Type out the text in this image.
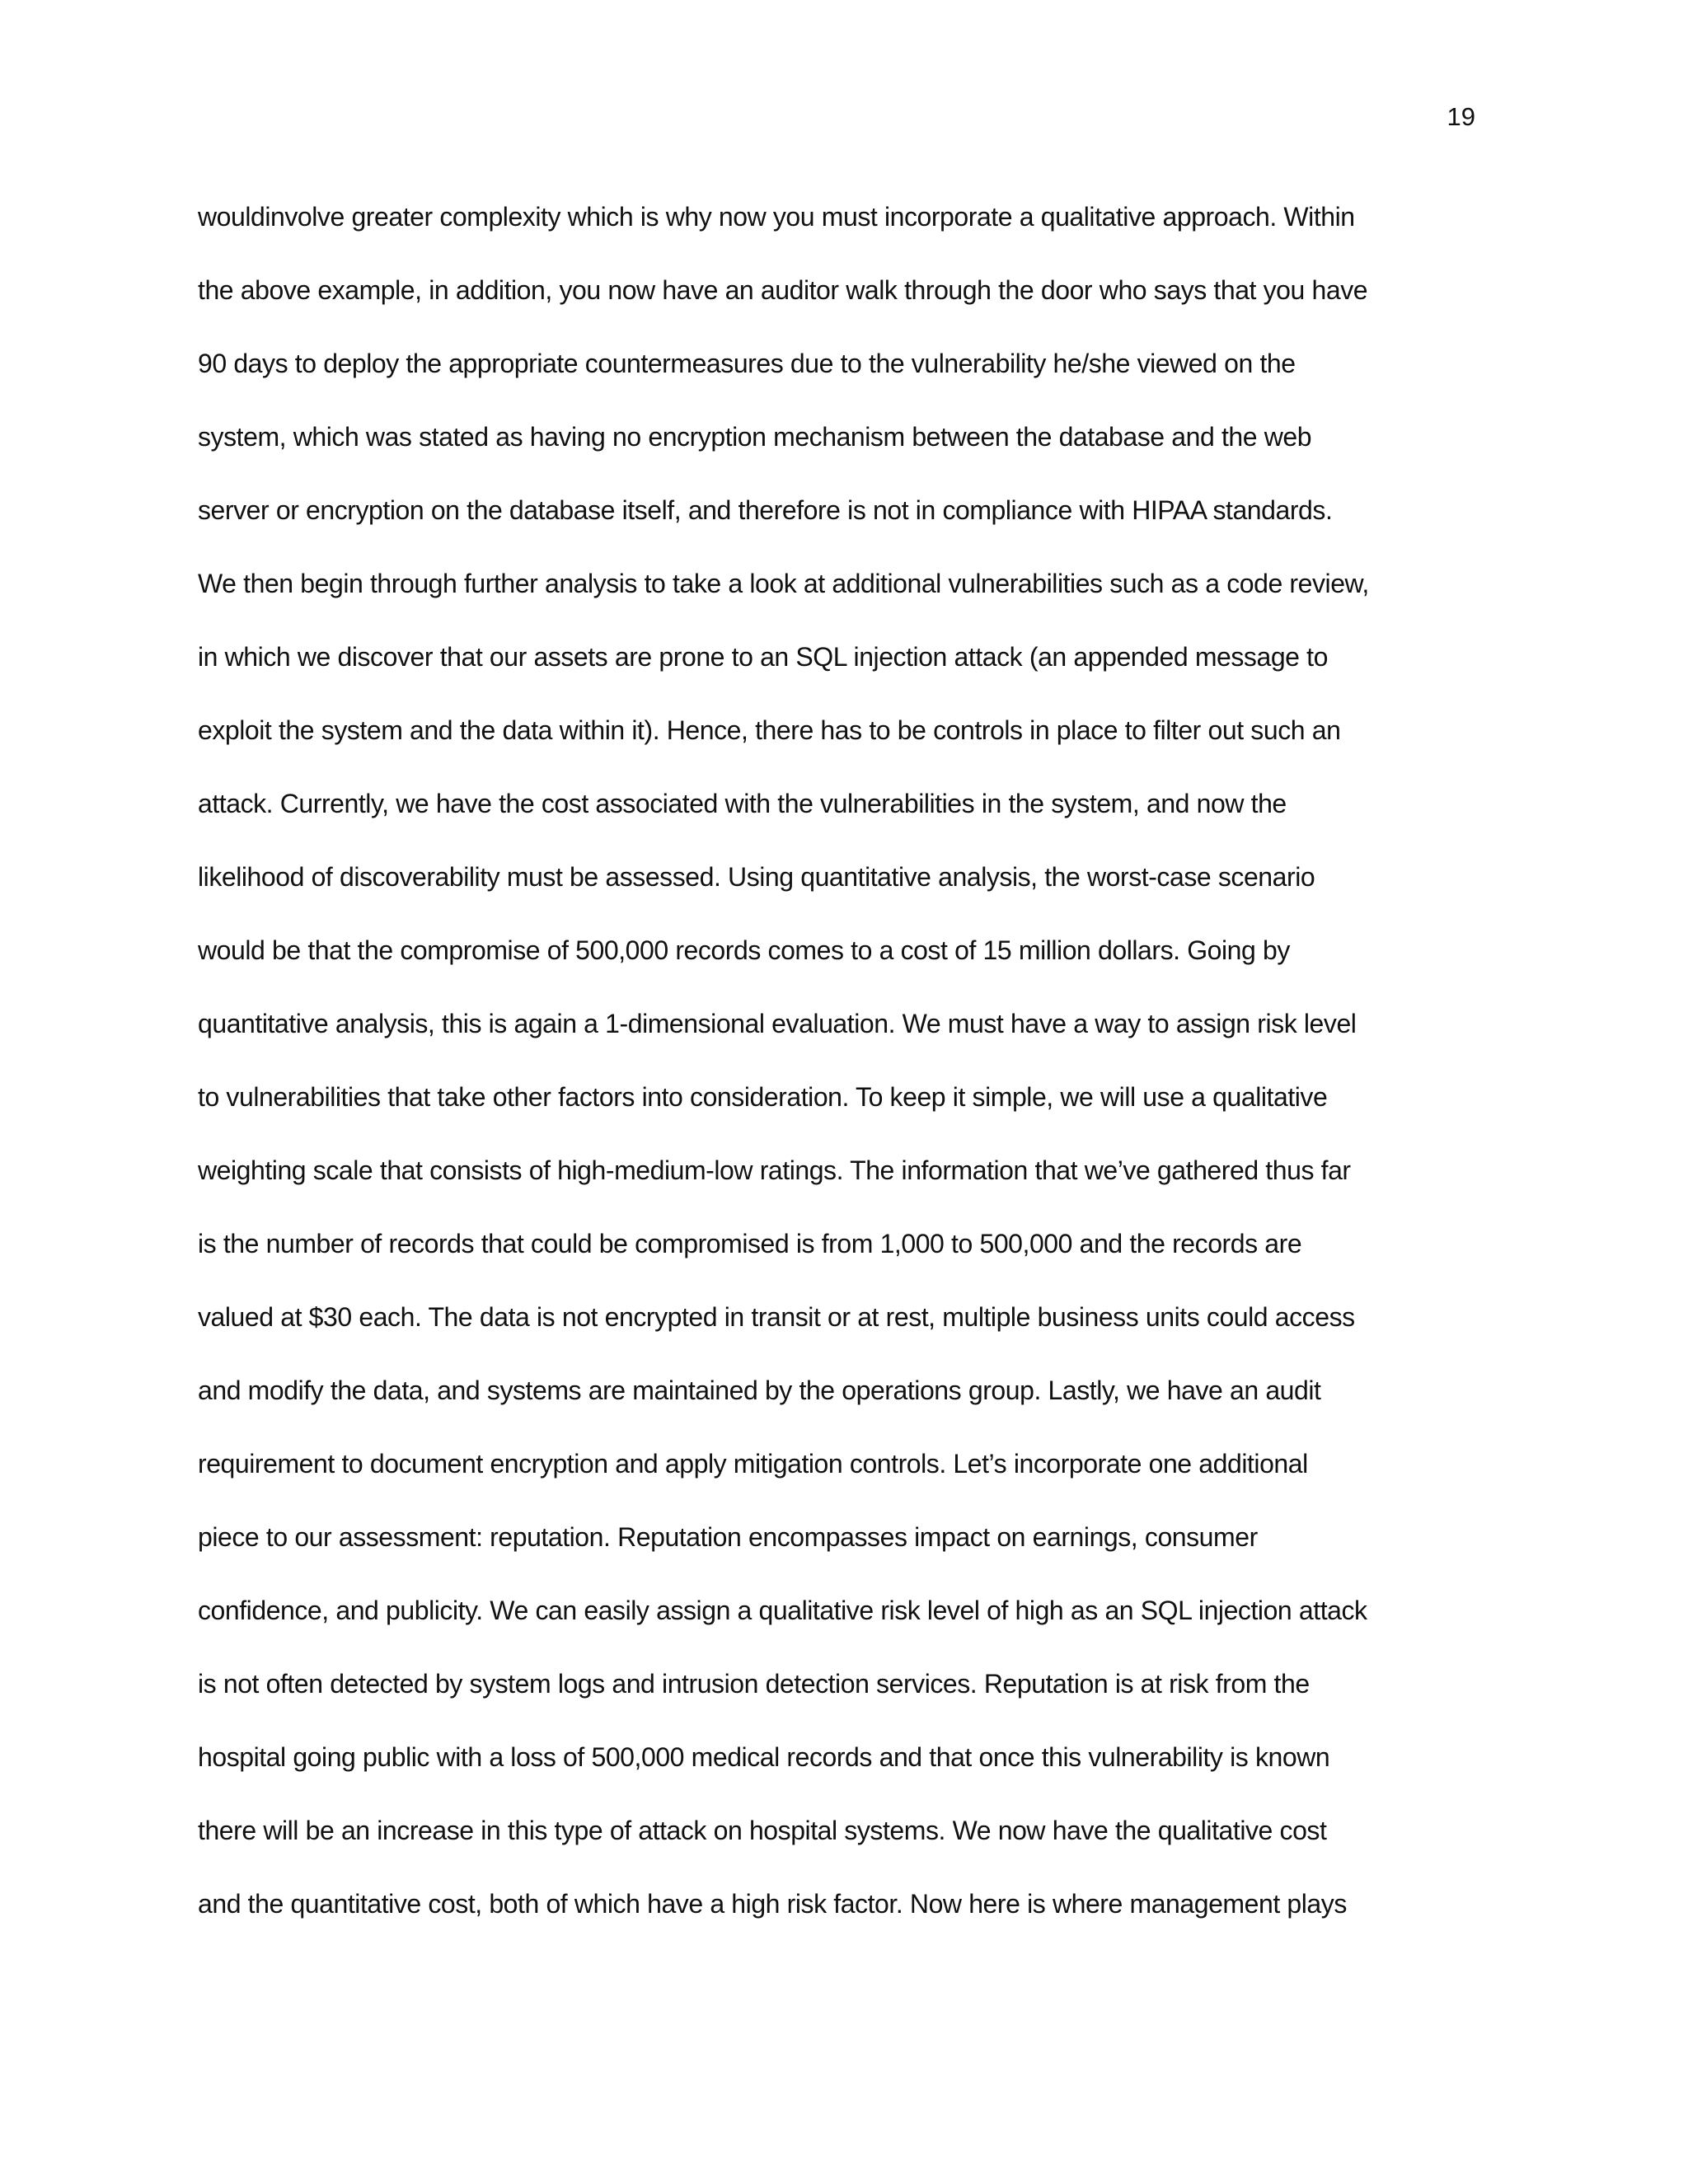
19
wouldinvolve greater complexity which is why now you must incorporate a qualitative approach. Within
the above example, in addition, you now have an auditor walk through the door who says that you have
90 days to deploy the appropriate countermeasures due to the vulnerability he/she viewed on the
system, which was stated as having no encryption mechanism between the database and the web
server or encryption on the database itself, and therefore is not in compliance with HIPAA standards.
We then begin through further analysis to take a look at additional vulnerabilities such as a code review,
in which we discover that our assets are prone to an SQL injection attack (an appended message to
exploit the system and the data within it). Hence, there has to be controls in place to filter out such an
attack. Currently, we have the cost associated with the vulnerabilities in the system, and now the
likelihood of discoverability must be assessed. Using quantitative analysis, the worst-case scenario
would be that the compromise of 500,000 records comes to a cost of 15 million dollars. Going by
quantitative analysis, this is again a 1-dimensional evaluation. We must have a way to assign risk level
to vulnerabilities that take other factors into consideration. To keep it simple, we will use a qualitative
weighting scale that consists of high-medium-low ratings. The information that we’ve gathered thus far
is the number of records that could be compromised is from 1,000 to 500,000 and the records are
valued at $30 each. The data is not encrypted in transit or at rest, multiple business units could access
and modify the data, and systems are maintained by the operations group. Lastly, we have an audit
requirement to document encryption and apply mitigation controls. Let’s incorporate one additional
piece to our assessment: reputation. Reputation encompasses impact on earnings, consumer
confidence, and publicity. We can easily assign a qualitative risk level of high as an SQL injection attack
is not often detected by system logs and intrusion detection services. Reputation is at risk from the
hospital going public with a loss of 500,000 medical records and that once this vulnerability is known
there will be an increase in this type of attack on hospital systems. We now have the qualitative cost
and the quantitative cost, both of which have a high risk factor. Now here is where management plays
